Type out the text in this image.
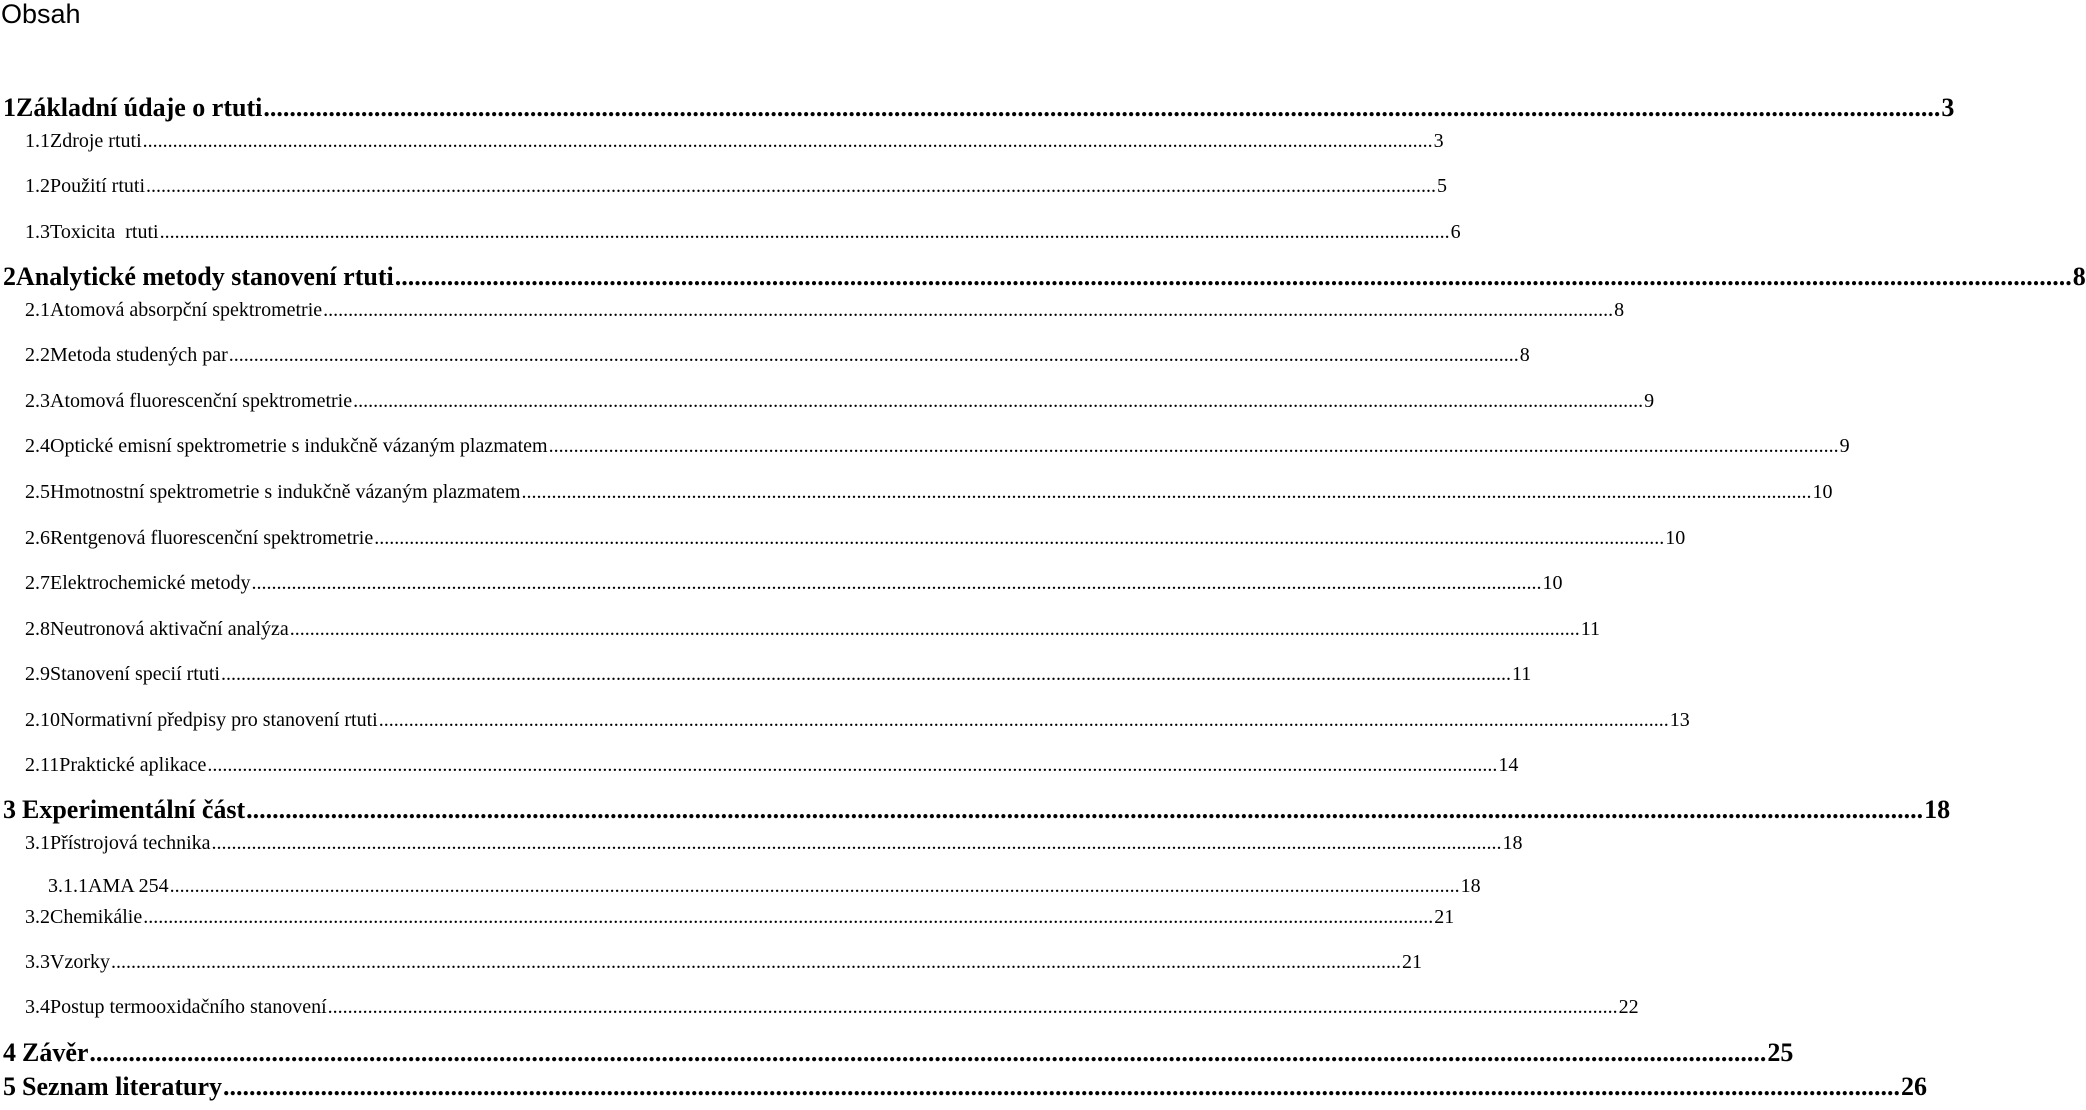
Obsah
1 Základní údaje o rtuti .....	3
1.1 Zdroje rtuti .....	3
1.2 Použití rtuti .....	5
1.3 Toxicita  rtuti .....	6
2 Analytické metody stanovení rtuti .....	8
2.1 Atomová absorpční spektrometrie .....	8
2.2 Metoda studených par .....	8
2.3 Atomová fluorescenční spektrometrie .....	9
2.4 Optické emisní spektrometrie s indukčně vázaným plazmatem .....	9
2.5 Hmotnostní spektrometrie s indukčně vázaným plazmatem .....	10
2.6 Rentgenová fluorescenční spektrometrie .....	10
2.7 Elektrochemické metody .....	10
2.8 Neutronová aktivační analýza .....	11
2.9 Stanovení specií rtuti .....	11
2.10 Normativní předpisy pro stanovení rtuti .....	13
2.11 Praktické aplikace .....	14
3 Experimentální část .....	18
3.1 Přístrojová technika .....	18
3.1.1 AMA 254 .....	18
3.2 Chemikálie .....	21
3.3 Vzorky .....	21
3.4 Postup termooxidačního stanovení .....	22
4 Závěr .....	25
5 Seznam literatury .....	26
